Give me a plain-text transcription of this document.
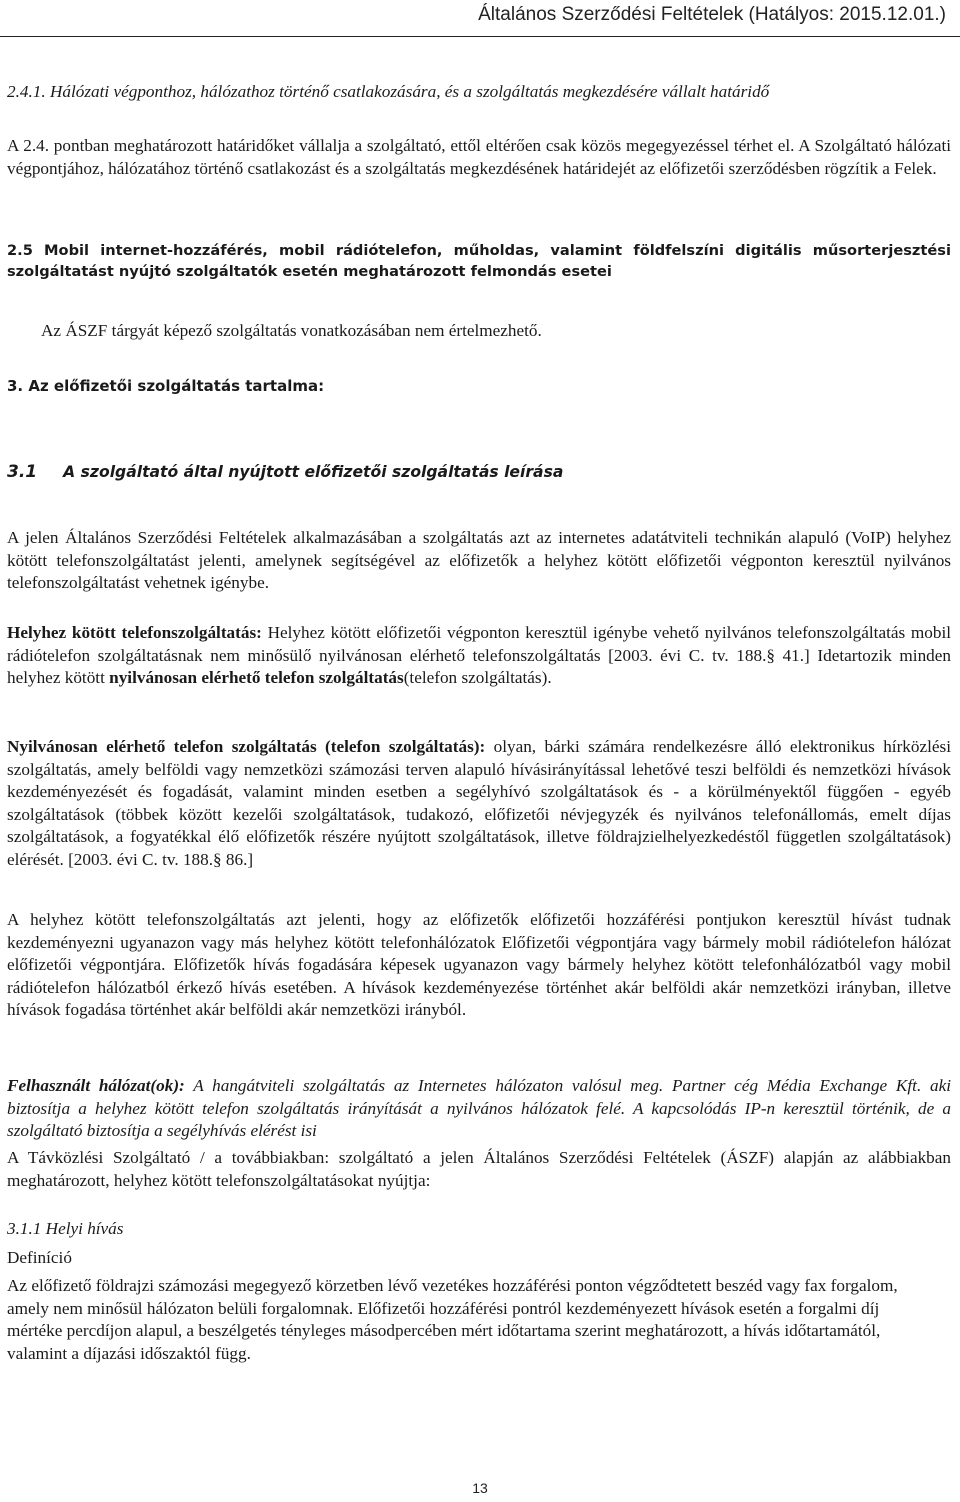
Általános Szerződési Feltételek (Hatályos: 2015.12.01.)

2.4.1. Hálózati végponthoz, hálózathoz történő csatlakozására, és a szolgáltatás megkezdésére vállalt határidő

A 2.4. pontban meghatározott határidőket vállalja a szolgáltató, ettől eltérően csak közös megegyezéssel térhet el. A Szolgáltató hálózati végpontjához, hálózatához történő csatlakozást és a szolgáltatás megkezdésének határidejét az előfizetői szerződésben rögzítik a Felek.

2.5 Mobil internet-hozzáférés, mobil rádiótelefon, műholdas, valamint földfelszíni digitális műsorterjesztési szolgáltatást nyújtó szolgáltatók esetén meghatározott felmondás esetei

Az ÁSZF tárgyát képező szolgáltatás vonatkozásában nem értelmezhető.

3. Az előfizetői szolgáltatás tartalma:

3.1 A szolgáltató által nyújtott előfizetői szolgáltatás leírása

A jelen Általános Szerződési Feltételek alkalmazásában a szolgáltatás azt az internetes adatátviteli technikán alapuló (VoIP) helyhez kötött telefonszolgáltatást jelenti, amelynek segítségével az előfizetők a helyhez kötött előfizetői végponton keresztül nyilvános telefonszolgáltatást vehetnek igénybe.

Helyhez kötött telefonszolgáltatás: Helyhez kötött előfizetői végponton keresztül igénybe vehető nyilvános telefonszolgáltatás mobil rádiótelefon szolgáltatásnak nem minősülő nyilvánosan elérhető telefonszolgáltatás [2003. évi C. tv. 188.§ 41.] Idetartozik minden helyhez kötött nyilvánosan elérhető telefon szolgáltatás(telefon szolgáltatás).

Nyilvánosan elérhető telefon szolgáltatás (telefon szolgáltatás): olyan, bárki számára rendelkezésre álló elektronikus hírközlési szolgáltatás, amely belföldi vagy nemzetközi számozási terven alapuló hívásirányítással lehetővé teszi belföldi és nemzetközi hívások kezdeményezését és fogadását, valamint minden esetben a segélyhívó szolgáltatások és - a körülményektől függően - egyéb szolgáltatások (többek között kezelői szolgáltatások, tudakozó, előfizetői névjegyzék és nyilvános telefonállomás, emelt díjas szolgáltatások, a fogyatékkal élő előfizetők részére nyújtott szolgáltatások, illetve földrajzielhelyezkedéstől független szolgáltatások) elérését. [2003. évi C. tv. 188.§ 86.]

A helyhez kötött telefonszolgáltatás azt jelenti, hogy az előfizetők előfizetői hozzáférési pontjukon keresztül hívást tudnak kezdeményezni ugyanazon vagy más helyhez kötött telefonhálózatok Előfizetői végpontjára vagy bármely mobil rádiótelefon hálózat előfizetői végpontjára. Előfizetők hívás fogadására képesek ugyanazon vagy bármely helyhez kötött telefonhálózatból vagy mobil rádiótelefon hálózatból érkező hívás esetében. A hívások kezdeményezése történhet akár belföldi akár nemzetközi irányban, illetve hívások fogadása történhet akár belföldi akár nemzetközi irányból.

Felhasznált hálózat(ok): A hangátviteli szolgáltatás az Internetes hálózaton valósul meg. Partner cég Média Exchange Kft. aki biztosítja a helyhez kötött telefon szolgáltatás irányítását a nyilvános hálózatok felé. A kapcsolódás IP-n keresztül történik, de a szolgáltató biztosítja a segélyhívás elérést isi

A Távközlési Szolgáltató / a továbbiakban: szolgáltató a jelen Általános Szerződési Feltételek (ÁSZF) alapján az alábbiakban meghatározott, helyhez kötött telefonszolgáltatásokat nyújtja:

3.1.1 Helyi hívás

Definíció

Az előfizető földrajzi számozási megegyező körzetben lévő vezetékes hozzáférési ponton végződtetett beszéd vagy fax forgalom, amely nem minősül hálózaton belüli forgalomnak. Előfizetői hozzáférési pontról kezdeményezett hívások esetén a forgalmi díj mértéke percdíjon alapul, a beszélgetés tényleges másodpercében mért időtartama szerint meghatározott, a hívás időtartamától, valamint a díjazási időszaktól függ.

13
